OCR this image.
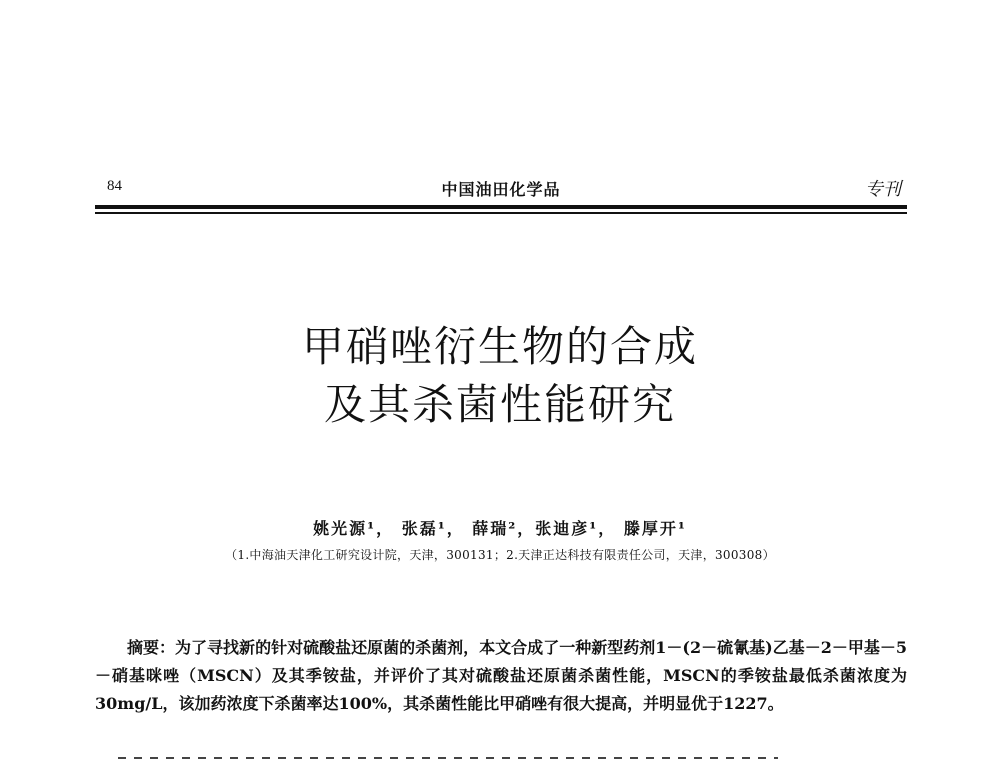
84	中国油田化学品	专刊
甲硝唑衍生物的合成
及其杀菌性能研究
姚光源¹， 张磊¹， 薛瑞²，张迪彦¹， 滕厚开¹
（1.中海油天津化工研究设计院，天津，300131；2.天津正达科技有限责任公司，天津，300308）
摘要：为了寻找新的针对硫酸盐还原菌的杀菌剂，本文合成了一种新型药剂1－(2－硫氰基)乙基－2－甲基－5－硝基咪唑（MSCN）及其季铵盐，并评价了其对硫酸盐还原菌杀菌性能，MSCN的季铵盐最低杀菌浓度为30mg/L，该加药浓度下杀菌率达100%，其杀菌性能比甲硝唑有很大提高，并明显优于1227。
